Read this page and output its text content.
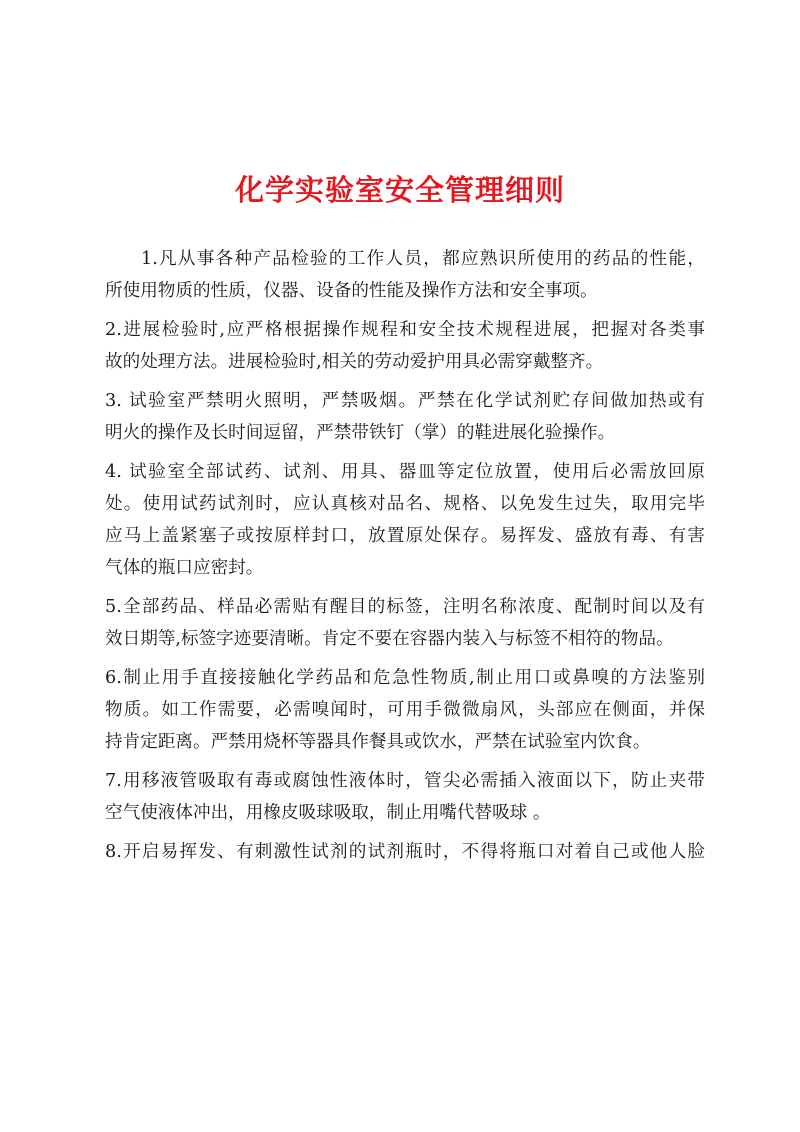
化学实验室安全管理细则
1.凡从事各种产品检验的工作人员，都应熟识所使用的药品的性能，
所使用物质的性质，仪器、设备的性能及操作方法和安全事项。
2.进展检验时,应严格根据操作规程和安全技术规程进展，把握对各类事
故的处理方法。进展检验时,相关的劳动爱护用具必需穿戴整齐。
3. 试验室严禁明火照明，严禁吸烟。严禁在化学试剂贮存间做加热或有
明火的操作及长时间逗留，严禁带铁钉（掌）的鞋进展化验操作。
4. 试验室全部试药、试剂、用具、器皿等定位放置，使用后必需放回原
处。使用试药试剂时，应认真核对品名、规格、以免发生过失，取用完毕
应马上盖紧塞子或按原样封口，放置原处保存。易挥发、盛放有毒、有害
气体的瓶口应密封。
5.全部药品、样品必需贴有醒目的标签，注明名称浓度、配制时间以及有
效日期等,标签字迹要清晰。肯定不要在容器内装入与标签不相符的物品。
6.制止用手直接接触化学药品和危急性物质,制止用口或鼻嗅的方法鉴别
物质。如工作需要，必需嗅闻时，可用手微微扇风，头部应在侧面，并保
持肯定距离。严禁用烧杯等器具作餐具或饮水，严禁在试验室内饮食。
7.用移液管吸取有毒或腐蚀性液体时，管尖必需插入液面以下，防止夹带
空气使液体冲出，用橡皮吸球吸取，制止用嘴代替吸球 。
8.开启易挥发、有刺激性试剂的试剂瓶时，不得将瓶口对着自己或他人脸
